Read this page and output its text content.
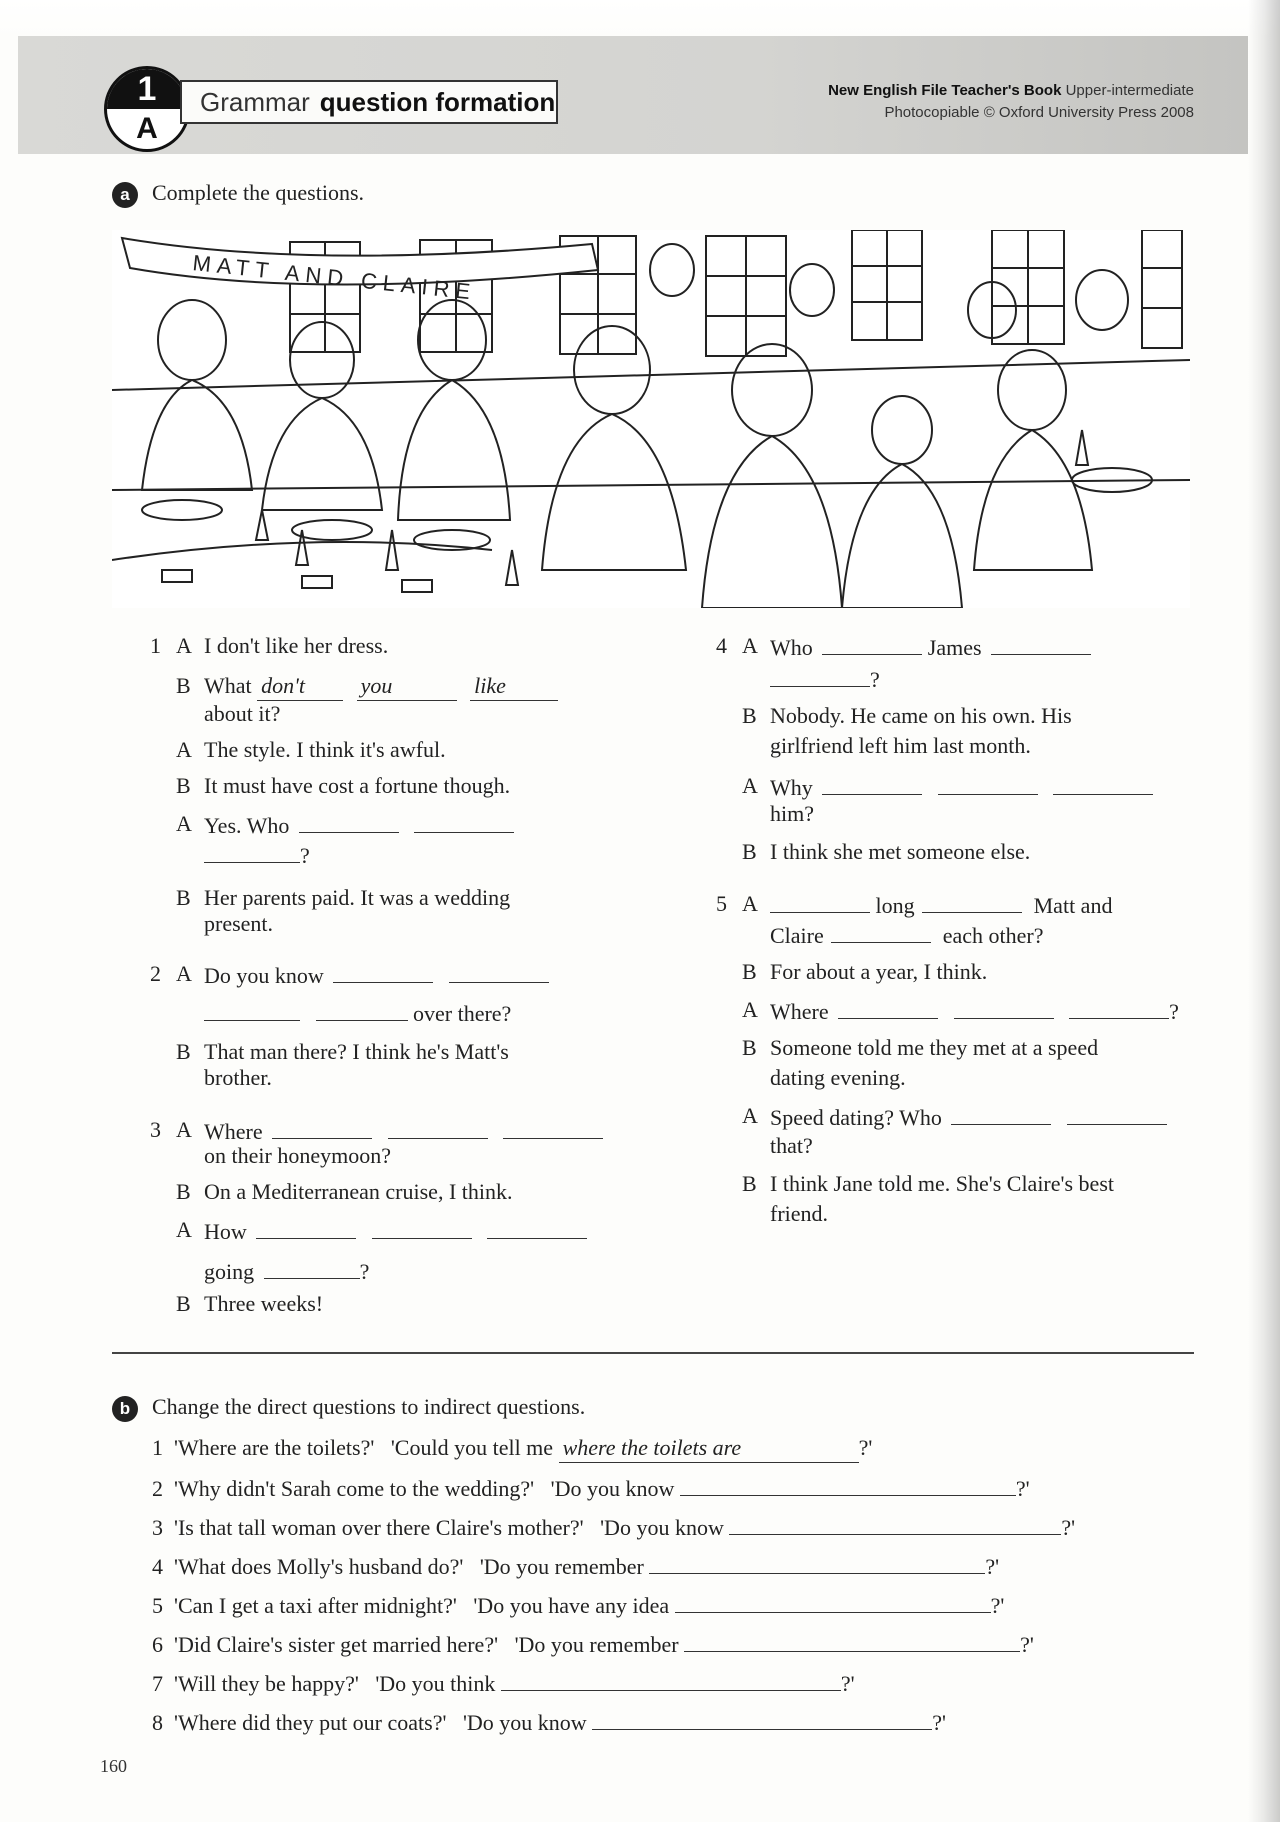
1
A
Grammar question formation	New English File Teacher's Book Upper-intermediate
Photocopiable © Oxford University Press 2008
a	Complete the questions.
MATT AND CLAIRE
1 A I don't like her dress.
B What don't	you	like
about it?
A The style. I think it's awful.
B It must have cost a fortune though.
A Yes. Who
?
B Her parents paid. It was a wedding
present.
2 A Do you know
over there?
B That man there? I think he's Matt's
brother.
3 A Where
on their honeymoon?
B On a Mediterranean cruise, I think.
A How
going	?
B Three weeks!
4 A Who	James
?
B Nobody. He came on his own. His
girlfriend left him last month.
A Why
him?
B I think she met someone else.
5 A	long	Matt and
Claire	each other?
B For about a year, I think.
A Where	?
B Someone told me they met at a speed
dating evening.
A Speed dating? Who
that?
B I think Jane told me. She's Claire's best
friend.
b Change the direct questions to indirect questions.
1 'Where are the toilets?' 'Could you tell me where the toilets are	?'
2 'Why didn't Sarah come to the wedding?' 'Do you know	?'
3 'Is that tall woman over there Claire's mother?' 'Do you know	?'
4 'What does Molly's husband do?' 'Do you remember	?'
5 'Can I get a taxi after midnight?' 'Do you have any idea	?'
6 'Did Claire's sister get married here?' 'Do you remember	?'
7 'Will they be happy?' 'Do you think	?'
8 'Where did they put our coats?' 'Do you know	?'
160
